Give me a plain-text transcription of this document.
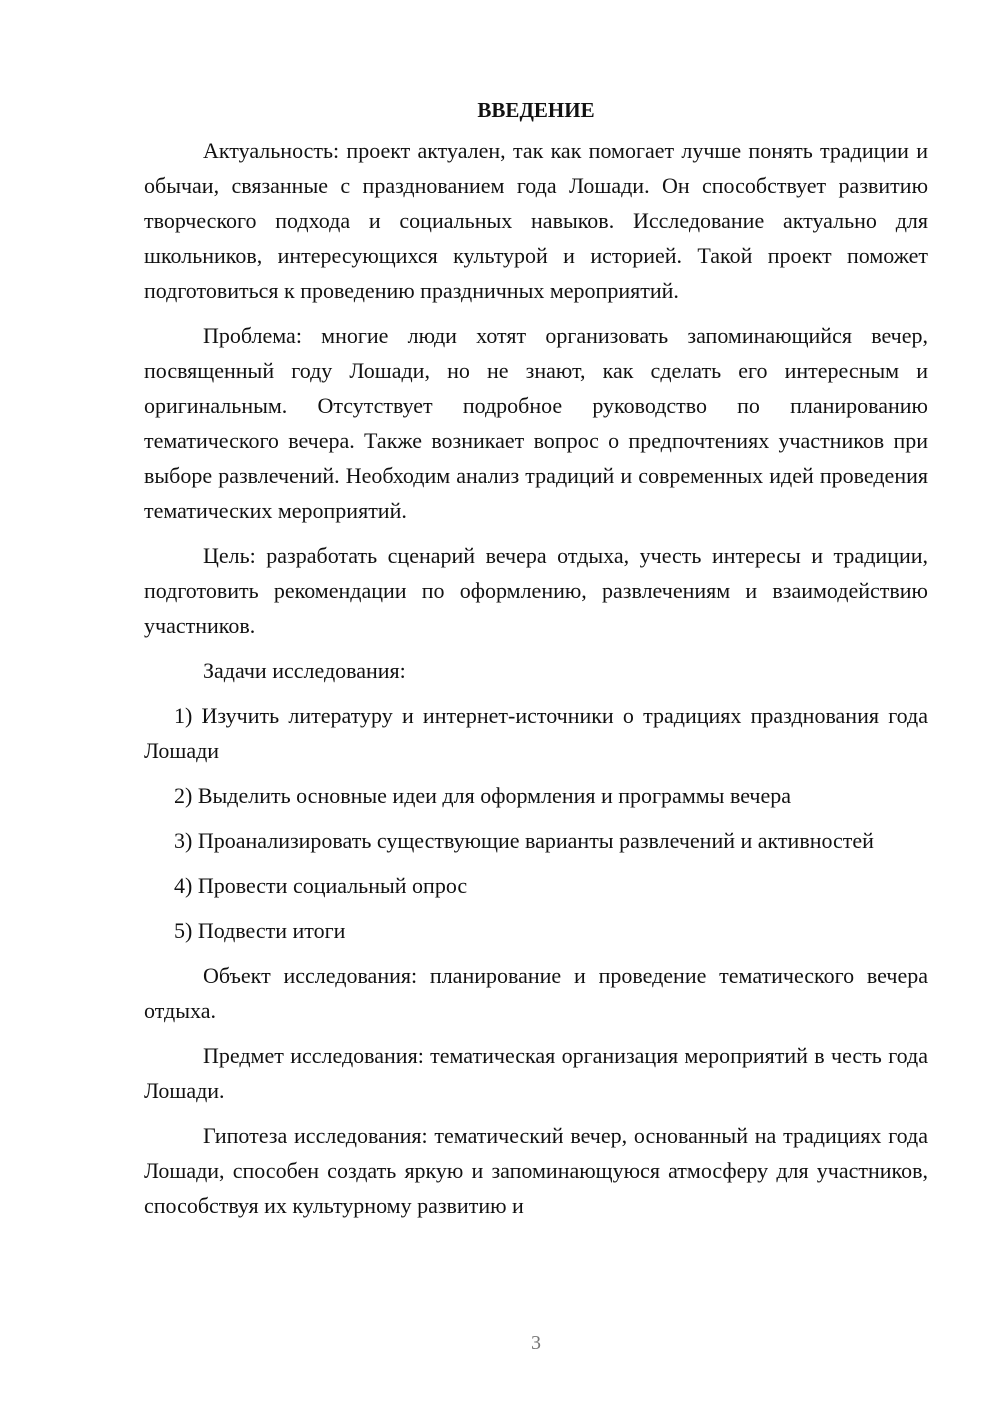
ВВЕДЕНИЕ

Актуальность: проект актуален, так как помогает лучше понять традиции и обычаи, связанные с празднованием года Лошади. Он способствует развитию творческого подхода и социальных навыков. Исследование актуально для школьников, интересующихся культурой и историей. Такой проект поможет подготовиться к проведению праздничных мероприятий.

Проблема: многие люди хотят организовать запоминающийся вечер, посвященный году Лошади, но не знают, как сделать его интересным и оригинальным. Отсутствует подробное руководство по планированию тематического вечера. Также возникает вопрос о предпочтениях участников при выборе развлечений. Необходим анализ традиций и современных идей проведения тематических мероприятий.

Цель: разработать сценарий вечера отдыха, учесть интересы и традиции, подготовить рекомендации по оформлению, развлечениям и взаимодействию участников.

Задачи исследования:

1) Изучить литературу и интернет-источники о традициях празднования года Лошади

2) Выделить основные идеи для оформления и программы вечера

3) Проанализировать существующие варианты развлечений и активностей

4) Провести социальный опрос

5) Подвести итоги

Объект исследования: планирование и проведение тематического вечера отдыха.

Предмет исследования: тематическая организация мероприятий в честь года Лошади.

Гипотеза исследования: тематический вечер, основанный на традициях года Лошади, способен создать яркую и запоминающуюся атмосферу для участников, способствуя их культурному развитию и

3
